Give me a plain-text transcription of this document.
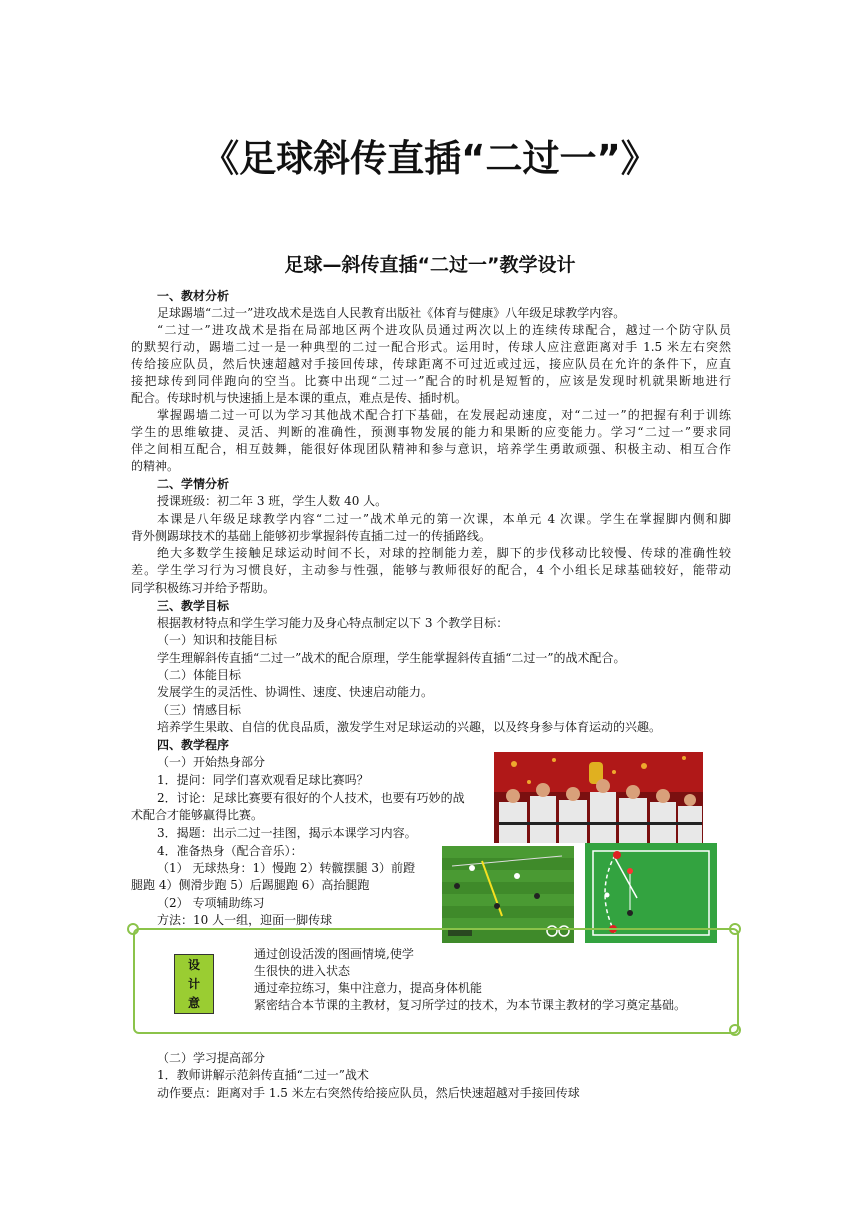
《足球斜传直插“二过一”》
足球—斜传直插“二过一”教学设计
一、教材分析
足球踢墙“二过一”进攻战术是选自人民教育出版社《体育与健康》八年级足球教学内容。
“二过一”进攻战术是指在局部地区两个进攻队员通过两次以上的连续传球配合，越过一个防守队员
的默契行动，踢墙二过一是一种典型的二过一配合形式。运用时，传球人应注意距离对手 1.5 米左右突然
传给接应队员，然后快速超越对手接回传球，传球距离不可过近或过远，接应队员在允许的条件下，应直
接把球传到同伴跑向的空当。比赛中出现“二过一”配合的时机是短暂的，应该是发现时机就果断地进行
配合。传球时机与快速插上是本课的重点，难点是传、插时机。
掌握踢墙二过一可以为学习其他战术配合打下基础，在发展起动速度，对“二过一”的把握有利于训练
学生的思维敏捷、灵活、判断的准确性，预测事物发展的能力和果断的应变能力。学习“二过一”要求同
伴之间相互配合，相互鼓舞，能很好体现团队精神和参与意识，培养学生勇敢顽强、积极主动、相互合作
的精神。
二、学情分析
授课班级：初二年 3 班，学生人数 40 人。
本课是八年级足球教学内容“二过一”战术单元的第一次课，本单元 4 次课。学生在掌握脚内侧和脚
背外侧踢球技术的基础上能够初步掌握斜传直插二过一的传插路线。
绝大多数学生接触足球运动时间不长，对球的控制能力差，脚下的步伐移动比较慢、传球的准确性较
差。学生学习行为习惯良好，主动参与性强，能够与教师很好的配合，4 个小组长足球基础较好，能带动
同学积极练习并给予帮助。
三、教学目标
根据教材特点和学生学习能力及身心特点制定以下 3 个教学目标：
（一）知识和技能目标
学生理解斜传直插“二过一”战术的配合原理，学生能掌握斜传直插“二过一”的战术配合。
（二）体能目标
发展学生的灵活性、协调性、速度、快速启动能力。
（三）情感目标
培养学生果敢、自信的优良品质，激发学生对足球运动的兴趣，以及终身参与体育运动的兴趣。
四、教学程序
（一）开始热身部分
1．提问：同学们喜欢观看足球比赛吗？
2．讨论：足球比赛要有很好的个人技术，也要有巧妙的战
术配合才能够赢得比赛。
3．揭题：出示二过一挂图，揭示本课学习内容。
4．准备热身（配合音乐）：
（1） 无球热身：1）慢跑 2）转髋摆腿 3）前蹬
腿跑 4）侧滑步跑 5）后踢腿跑 6）高抬腿跑
（2） 专项辅助练习
方法：10 人一组，迎面一脚传球
设
计
意
通过创设活泼的图画情境,使学
生很快的进入状态
通过牵拉练习，集中注意力，提高身体机能
紧密结合本节课的主教材，复习所学过的技术，为本节课主教材的学习奠定基础。
（二）学习提高部分
1．教师讲解示范斜传直插“二过一”战术
动作要点：距离对手 1.5 米左右突然传给接应队员，然后快速超越对手接回传球
